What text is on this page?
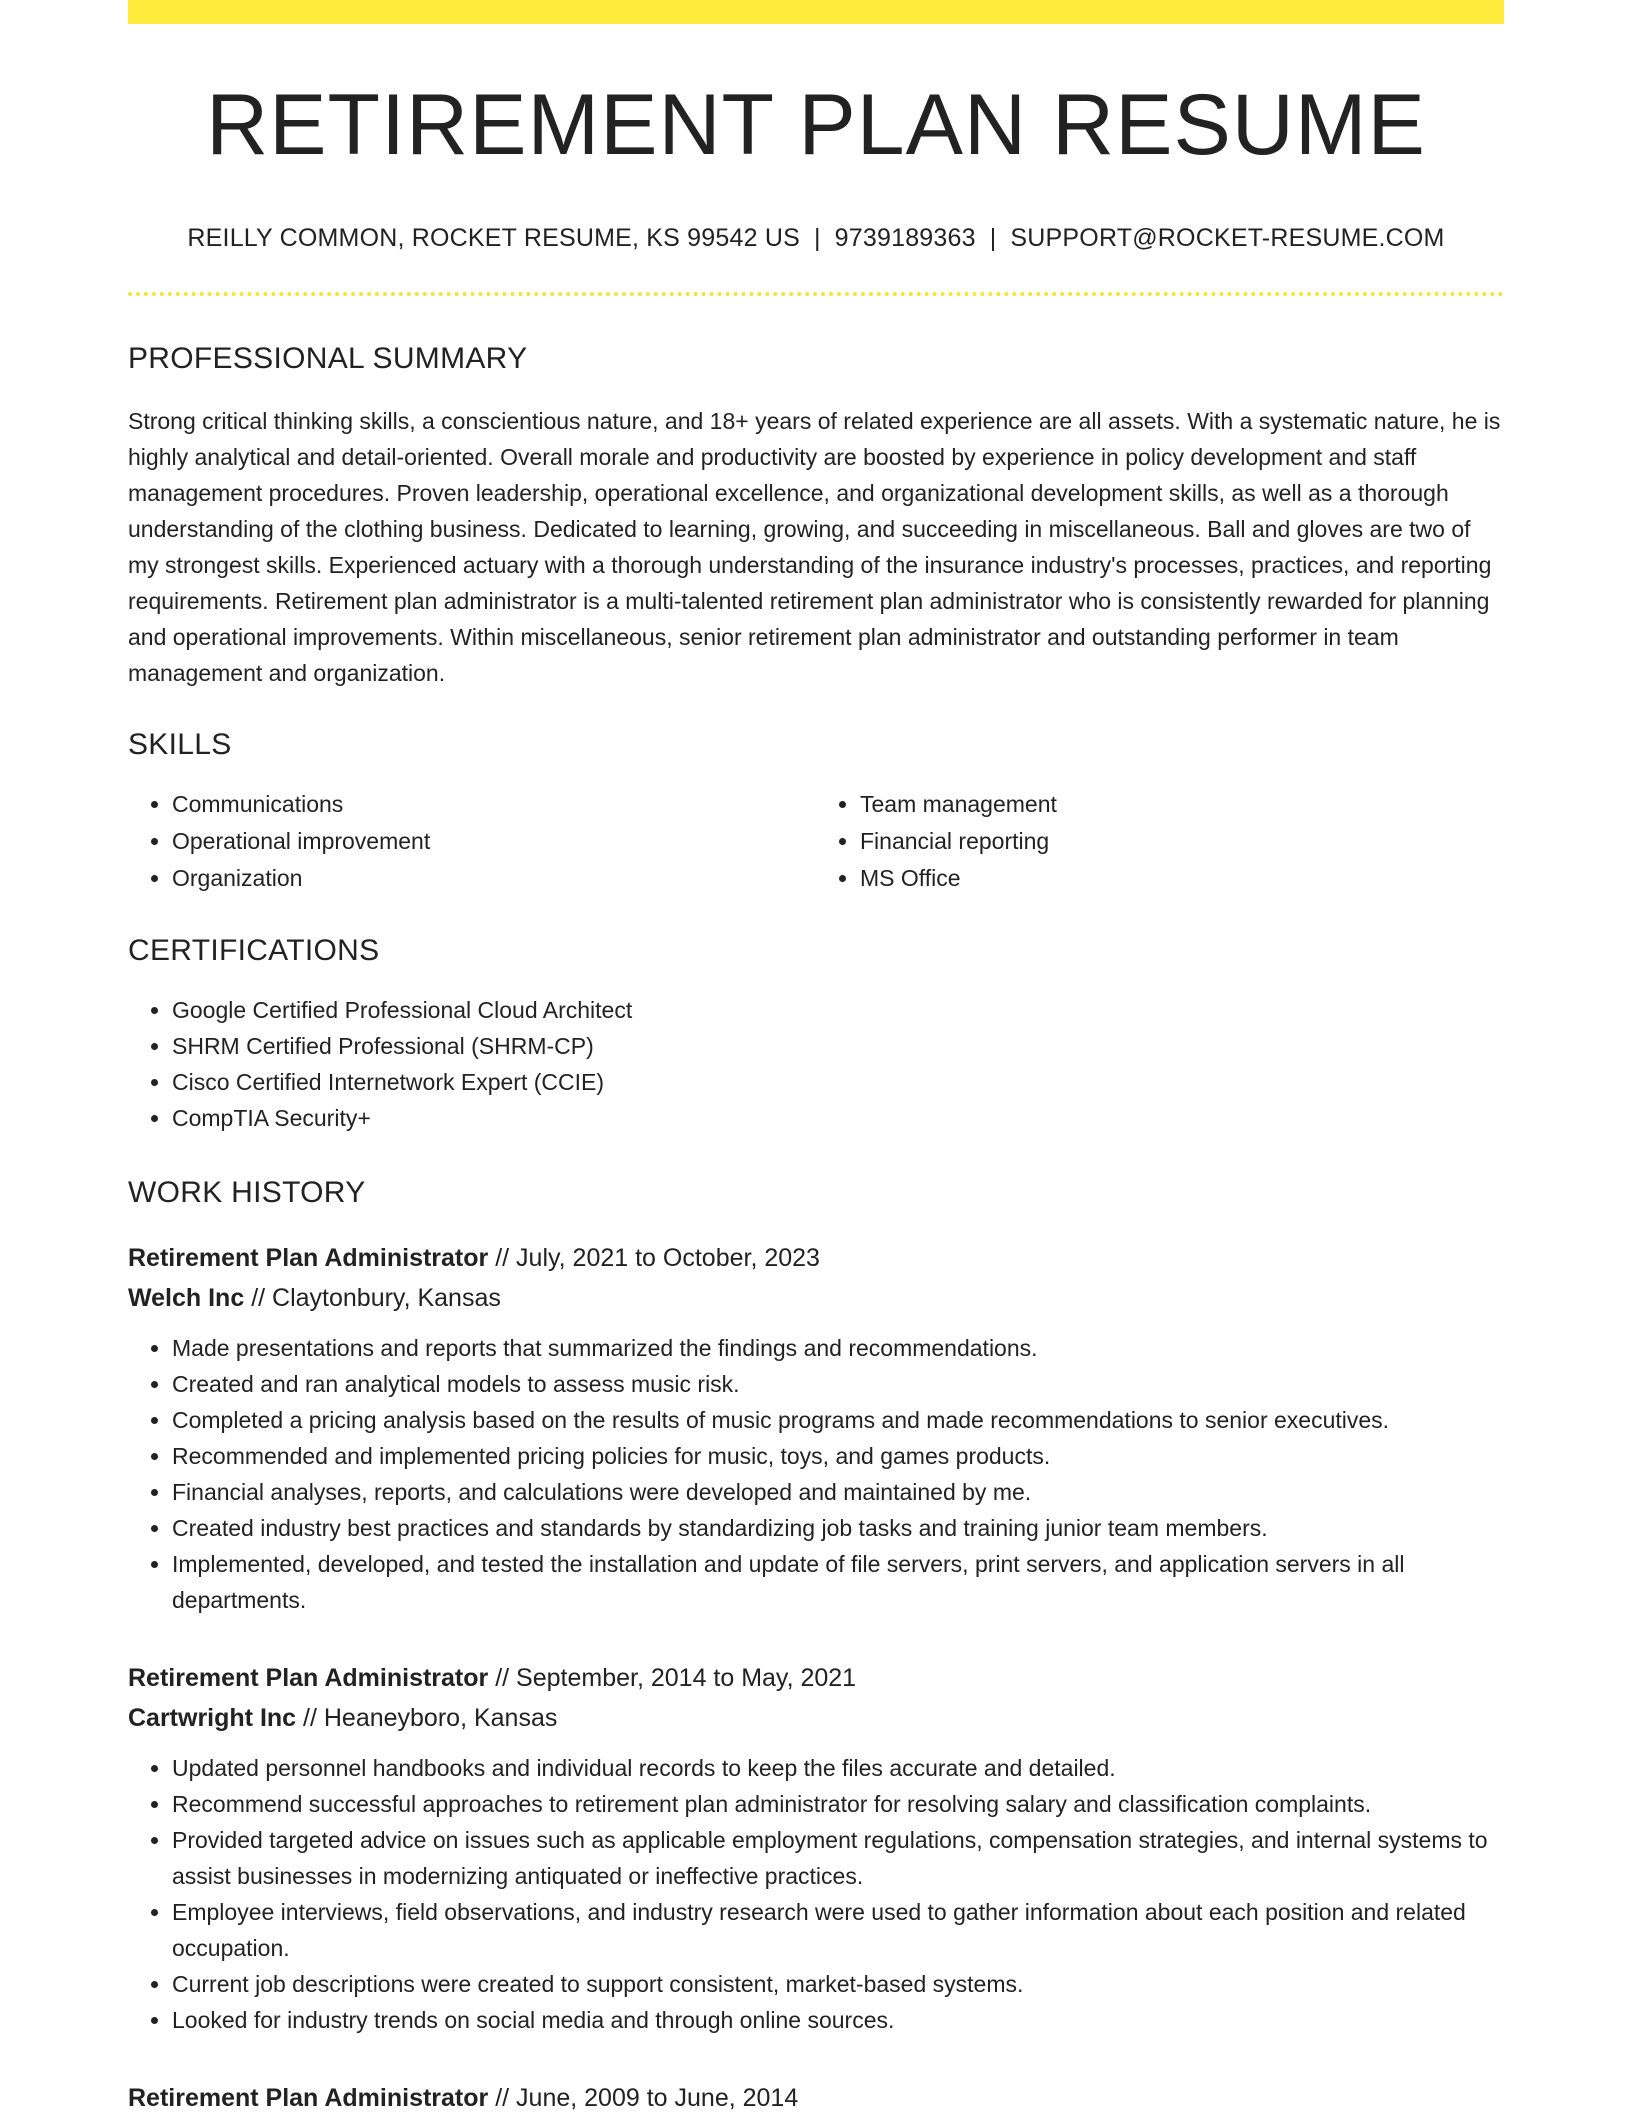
RETIREMENT PLAN RESUME
REILLY COMMON, ROCKET RESUME, KS 99542 US | 9739189363 | SUPPORT@ROCKET-RESUME.COM
PROFESSIONAL SUMMARY

Strong critical thinking skills, a conscientious nature, and 18+ years of related experience are all assets. With a systematic nature, he is highly analytical and detail-oriented. Overall morale and productivity are boosted by experience in policy development and staff management procedures. Proven leadership, operational excellence, and organizational development skills, as well as a thorough understanding of the clothing business. Dedicated to learning, growing, and succeeding in miscellaneous. Ball and gloves are two of my strongest skills. Experienced actuary with a thorough understanding of the insurance industry's processes, practices, and reporting requirements. Retirement plan administrator is a multi-talented retirement plan administrator who is consistently rewarded for planning and operational improvements. Within miscellaneous, senior retirement plan administrator and outstanding performer in team management and organization.

SKILLS
• Communications
• Operational improvement
• Organization
• Team management
• Financial reporting
• MS Office
CERTIFICATIONS
• Google Certified Professional Cloud Architect
• SHRM Certified Professional (SHRM-CP)
• Cisco Certified Internetwork Expert (CCIE)
• CompTIA Security+
WORK HISTORY
Retirement Plan Administrator // July, 2021 to October, 2023
Welch Inc // Claytonbury, Kansas
• Made presentations and reports that summarized the findings and recommendations.
• Created and ran analytical models to assess music risk.
• Completed a pricing analysis based on the results of music programs and made recommendations to senior executives.
• Recommended and implemented pricing policies for music, toys, and games products.
• Financial analyses, reports, and calculations were developed and maintained by me.
• Created industry best practices and standards by standardizing job tasks and training junior team members.
• Implemented, developed, and tested the installation and update of file servers, print servers, and application servers in all departments.
Retirement Plan Administrator // September, 2014 to May, 2021
Cartwright Inc // Heaneyboro, Kansas
• Updated personnel handbooks and individual records to keep the files accurate and detailed.
• Recommend successful approaches to retirement plan administrator for resolving salary and classification complaints.
• Provided targeted advice on issues such as applicable employment regulations, compensation strategies, and internal systems to assist businesses in modernizing antiquated or ineffective practices.
• Employee interviews, field observations, and industry research were used to gather information about each position and related occupation.
• Current job descriptions were created to support consistent, market-based systems.
• Looked for industry trends on social media and through online sources.
Retirement Plan Administrator // June, 2009 to June, 2014
